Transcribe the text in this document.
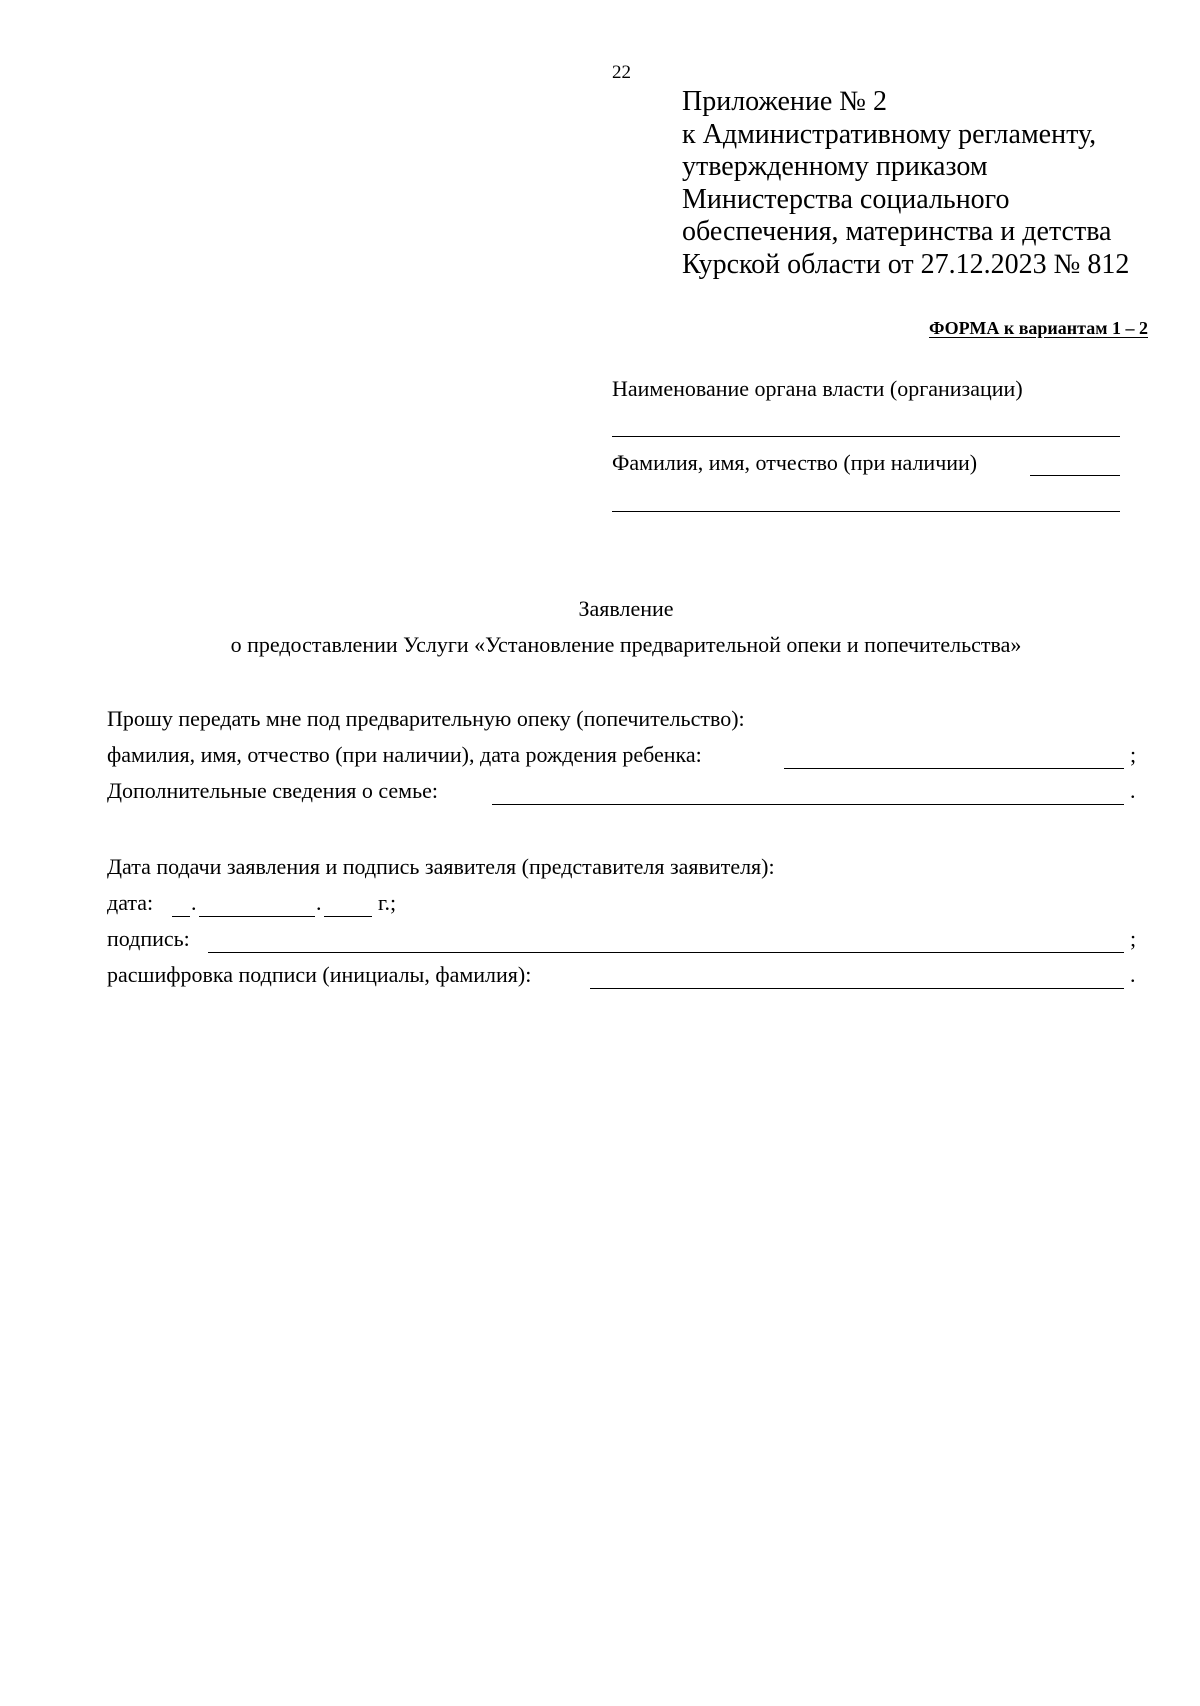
22
Приложение № 2
к Административному регламенту,
утвержденному приказом
Министерства социального
обеспечения, материнства и детства
Курской области от 27.12.2023 № 812
ФОРМА к вариантам 1 – 2
Наименование органа власти (организации)
Фамилия, имя, отчество (при наличии)
Заявление
о предоставлении Услуги «Установление предварительной опеки и попечительства»
Прошу передать мне под предварительную опеку (попечительство):
фамилия, имя, отчество (при наличии), дата рождения ребенка:	;
Дополнительные сведения о семье:	.
Дата подачи заявления и подпись заявителя (представителя заявителя):
дата: .	.	г.;
подпись:	;
расшифровка подписи (инициалы, фамилия):	.
